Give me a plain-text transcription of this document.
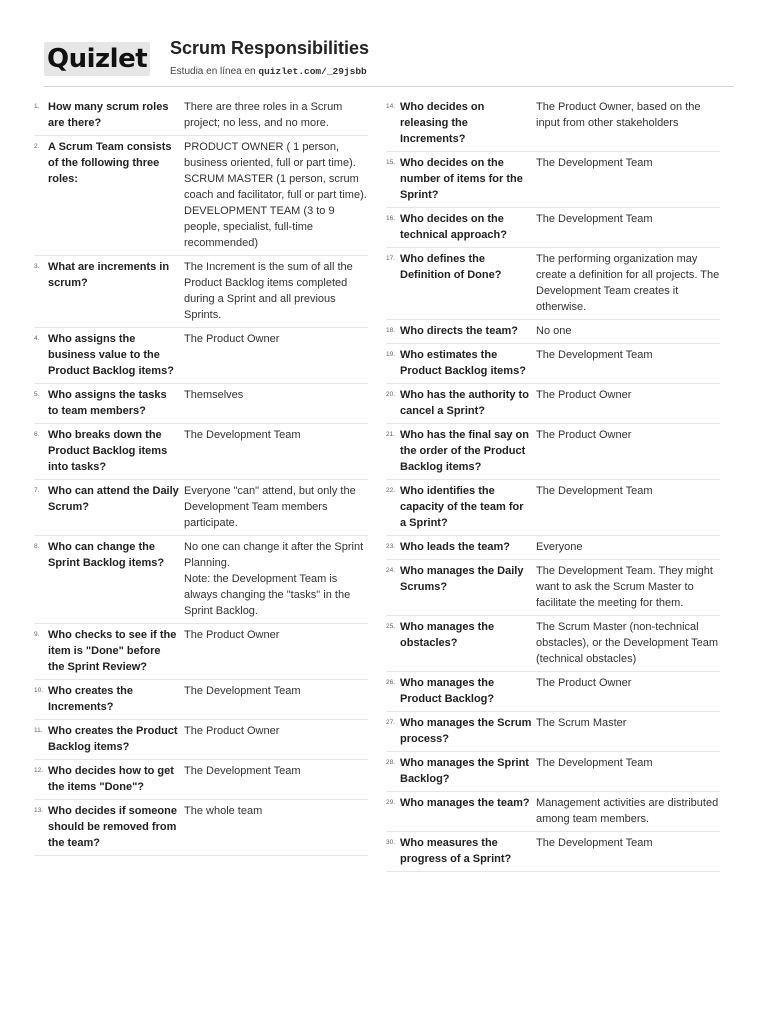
Quizlet Scrum Responsibilities
Estudia en línea en quizlet.com/_29jsbb
1. How many scrum roles are there?
There are three roles in a Scrum project; no less, and no more.
2. A Scrum Team consists of the following three roles:
PRODUCT OWNER ( 1 person, business oriented, full or part time).
SCRUM MASTER (1 person, scrum coach and facilitator, full or part time).
DEVELOPMENT TEAM (3 to 9 people, specialist, full-time recommended)
3. What are increments in scrum?
The Increment is the sum of all the Product Backlog items completed during a Sprint and all previous Sprints.
4. Who assigns the business value to the Product Backlog items?
The Product Owner
5. Who assigns the tasks to team members?
Themselves
6. Who breaks down the Product Backlog items into tasks?
The Development Team
7. Who can attend the Daily Scrum?
Everyone "can" attend, but only the Development Team members participate.
8. Who can change the Sprint Backlog items?
No one can change it after the Sprint Planning.
Note: the Development Team is always changing the "tasks" in the Sprint Backlog.
9. Who checks to see if the item is "Done" before the Sprint Review?
The Product Owner
10. Who creates the Increments?
The Development Team
11. Who creates the Product Backlog items?
The Product Owner
12. Who decides how to get the items "Done"?
The Development Team
13. Who decides if someone should be removed from the team?
The whole team
14. Who decides on releasing the Increments?
The Product Owner, based on the input from other stakeholders
15. Who decides on the number of items for the Sprint?
The Development Team
16. Who decides on the technical approach?
The Development Team
17. Who defines the Definition of Done?
The performing organization may create a definition for all projects. The Development Team creates it otherwise.
18. Who directs the team?	No one
19. Who estimates the Product Backlog items?
The Development Team
20. Who has the authority to cancel a Sprint?
The Product Owner
21. Who has the final say on the order of the Product Backlog items?
The Product Owner
22. Who identifies the capacity of the team for a Sprint?
The Development Team
23. Who leads the team?	Everyone
24. Who manages the Daily Scrums?
The Development Team. They might want to ask the Scrum Master to facilitate the meeting for them.
25. Who manages the obstacles?
The Scrum Master (non-technical obstacles), or the Development Team (technical obstacles)
26. Who manages the Product Backlog?
The Product Owner
27. Who manages the Scrum process?
The Scrum Master
28. Who manages the Sprint Backlog?
The Development Team
29. Who manages the team? Management activities are distributed among team members.
30. Who measures the progress of a Sprint?
The Development Team
